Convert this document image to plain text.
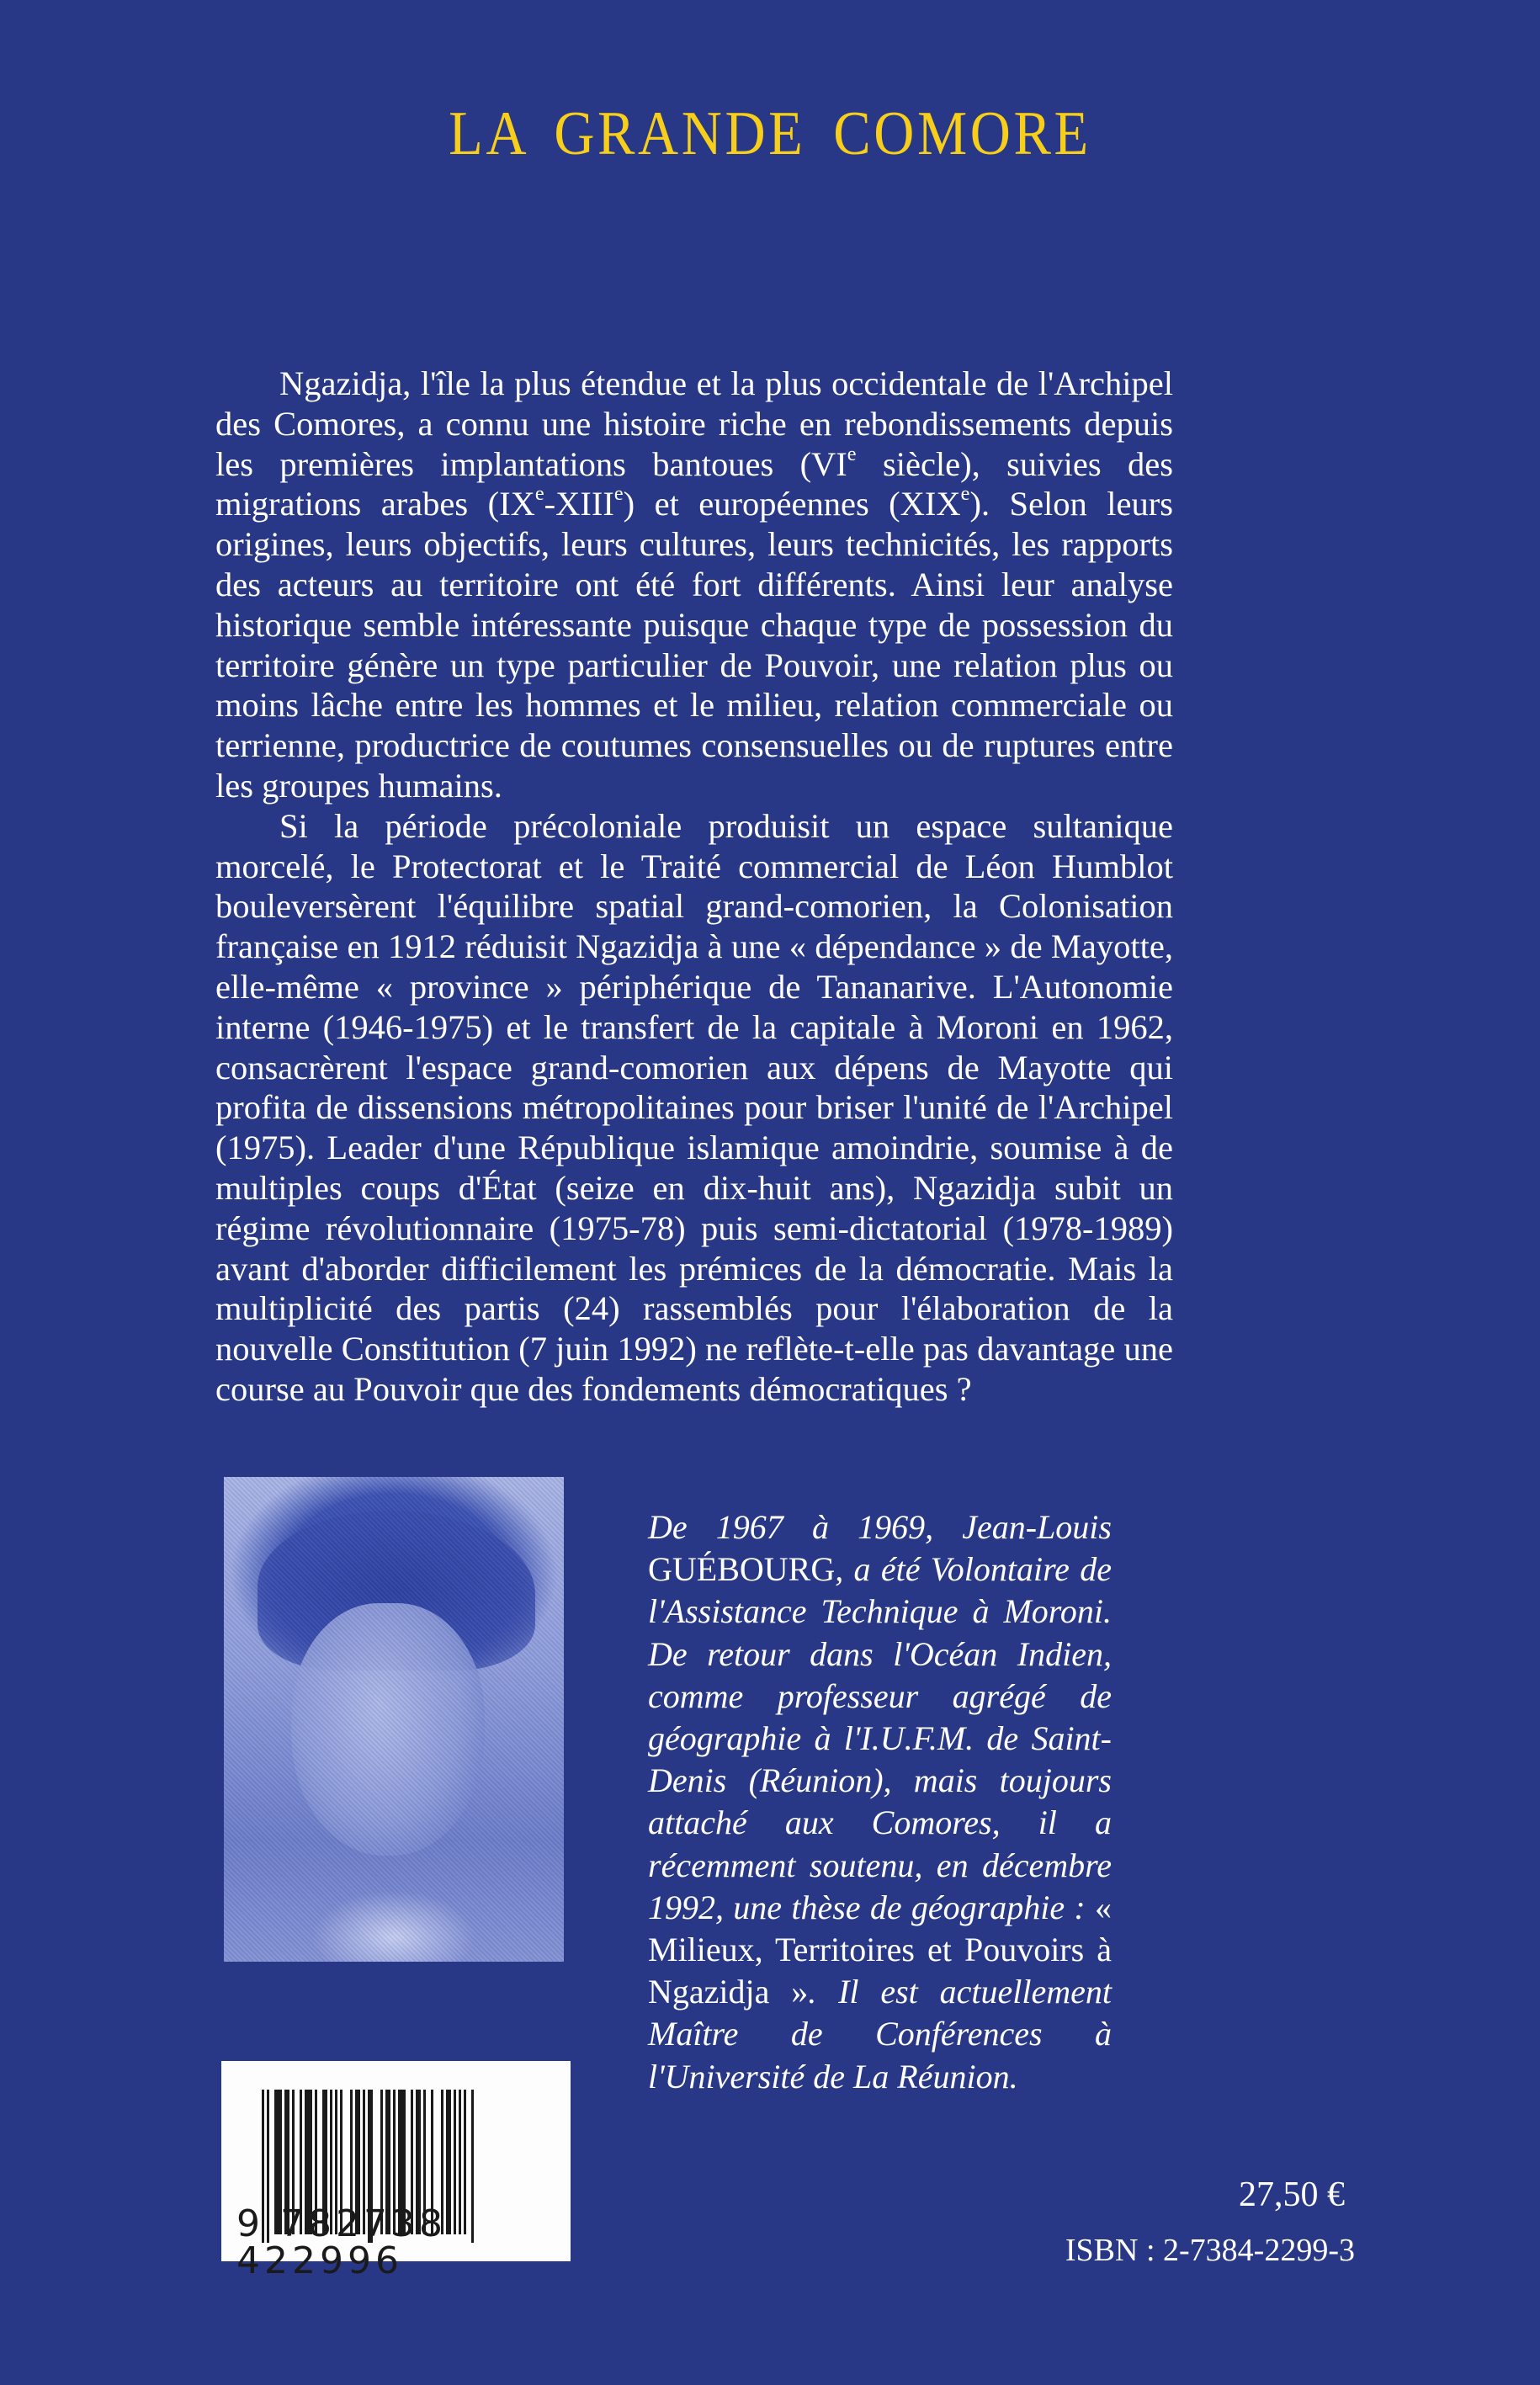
LA GRANDE COMORE

Ngazidja, l'île la plus étendue et la plus occidentale de l'Archipel des Comores, a connu une histoire riche en rebondissements depuis les premières implantations bantoues (VIe siècle), suivies des migrations arabes (IXe-XIIIe) et européennes (XIXe). Selon leurs origines, leurs objectifs, leurs cultures, leurs technicités, les rapports des acteurs au territoire ont été fort différents. Ainsi leur analyse historique semble intéressante puisque chaque type de possession du territoire génère un type particulier de Pouvoir, une relation plus ou moins lâche entre les hommes et le milieu, relation commerciale ou terrienne, productrice de coutumes consensuelles ou de ruptures entre les groupes humains.

Si la période précoloniale produisit un espace sultanique morcelé, le Protectorat et le Traité commercial de Léon Humblot bouleversèrent l'équilibre spatial grand-comorien, la Colonisation française en 1912 réduisit Ngazidja à une « dépendance » de Mayotte, elle-même « province » périphérique de Tananarive. L'Autonomie interne (1946-1975) et le transfert de la capitale à Moroni en 1962, consacrèrent l'espace grand-comorien aux dépens de Mayotte qui profita de dissensions métropolitaines pour briser l'unité de l'Archipel (1975). Leader d'une République islamique amoindrie, soumise à de multiples coups d'État (seize en dix-huit ans), Ngazidja subit un régime révolutionnaire (1975-78) puis semi-dictatorial (1978-1989) avant d'aborder difficilement les prémices de la démocratie. Mais la multiplicité des partis (24) rassemblés pour l'élaboration de la nouvelle Constitution (7 juin 1992) ne reflète-t-elle pas davantage une course au Pouvoir que des fondements démocratiques ?

De 1967 à 1969, Jean-Louis GUÉBOURG, a été Volontaire de l'Assistance Technique à Moroni. De retour dans l'Océan Indien, comme professeur agrégé de géographie à l'I.U.F.M. de Saint-Denis (Réunion), mais toujours attaché aux Comores, il a récemment soutenu, en décembre 1992, une thèse de géographie : « Milieux, Territoires et Pouvoirs à Ngazidja ». Il est actuellement Maître de Conférences à l'Université de La Réunion.
9 782738 422996
27,50 €
ISBN : 2-7384-2299-3
